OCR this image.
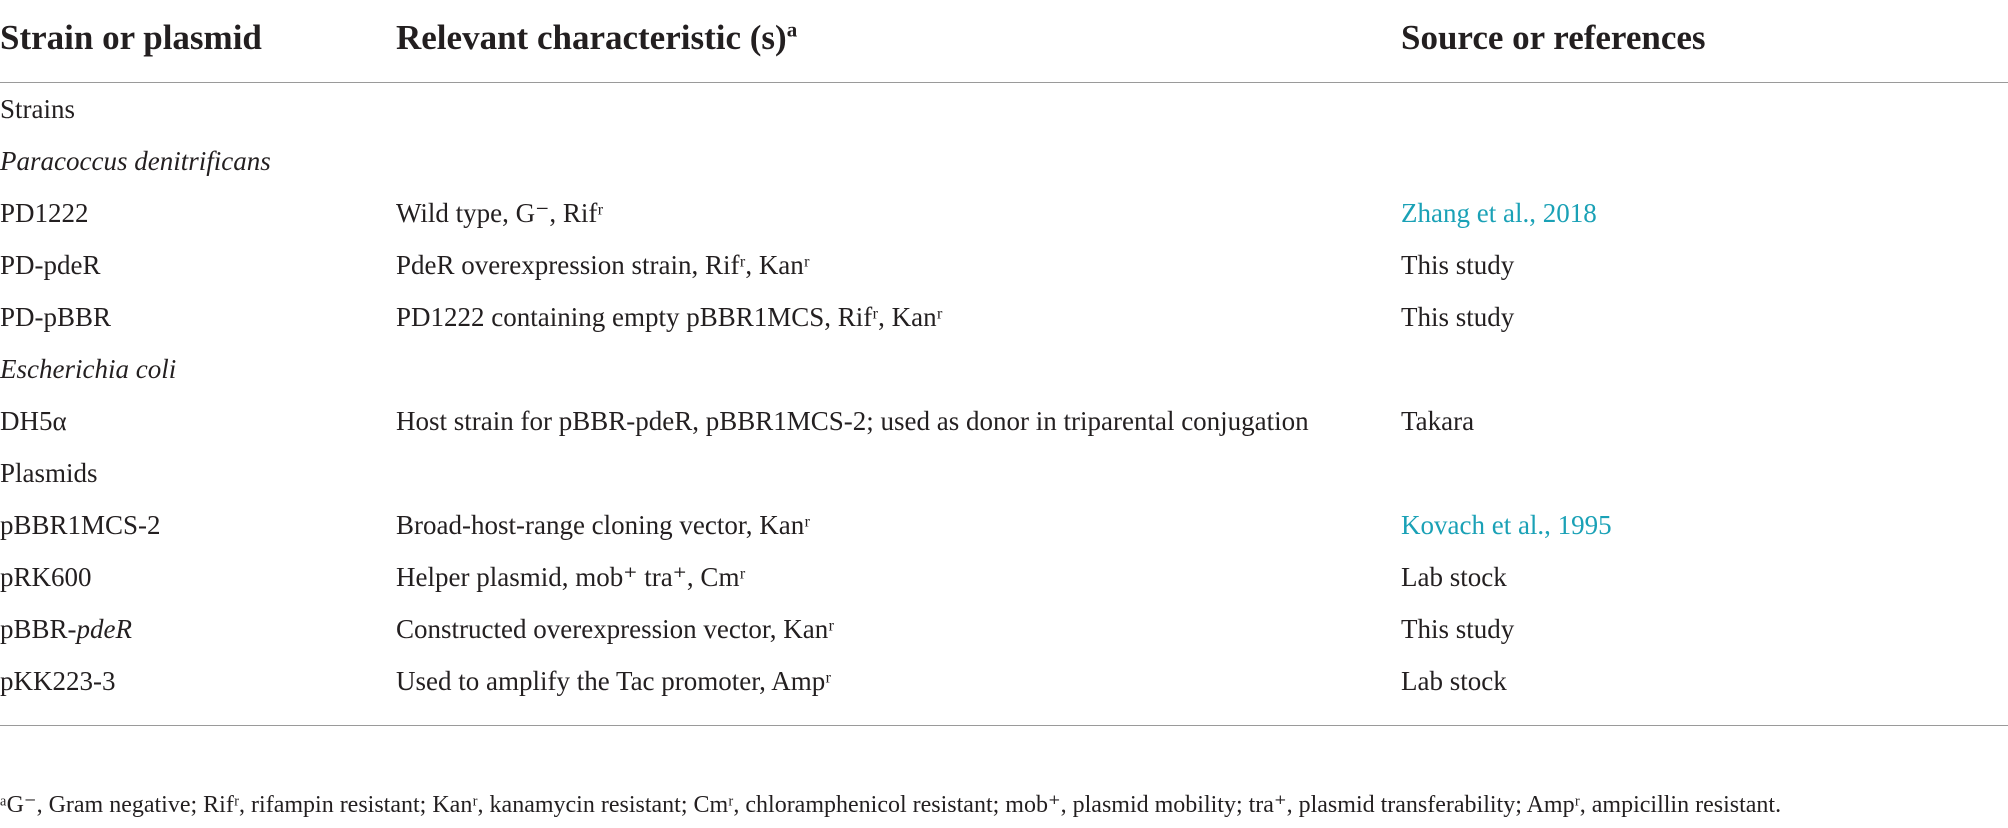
Strain or plasmid	Relevant characteristic $(s)^a$	Source or references
Strains
Paracoccus denitrificans
PD1222	Wild type, G⁻, Rifʳ	Zhang et al., 2018
PD-pdeR	PdeR overexpression strain, Rifʳ, Kanʳ	This study
PD-pBBR	PD1222 containing empty pBBR1MCS, Rifʳ, Kanʳ	This study
Escherichia coli
DH5α	Host strain for pBBR-pdeR, pBBR1MCS-2; used as donor in triparental conjugation	Takara
Plasmids
pBBR1MCS-2	Broad-host-range cloning vector, Kanʳ	Kovach et al., 1995
pRK600	Helper plasmid, mob⁺ tra⁺, Cmʳ	Lab stock
pBBR-pdeR	Constructed overexpression vector, Kanʳ	This study
pKK223-3	Used to amplify the Tac promoter, Ampʳ	Lab stock
ᵃG⁻, Gram negative; Rifʳ, rifampin resistant; Kanʳ, kanamycin resistant; Cmʳ, chloramphenicol resistant; mob⁺, plasmid mobility; tra⁺, plasmid transferability; Ampʳ, ampicillin resistant.
